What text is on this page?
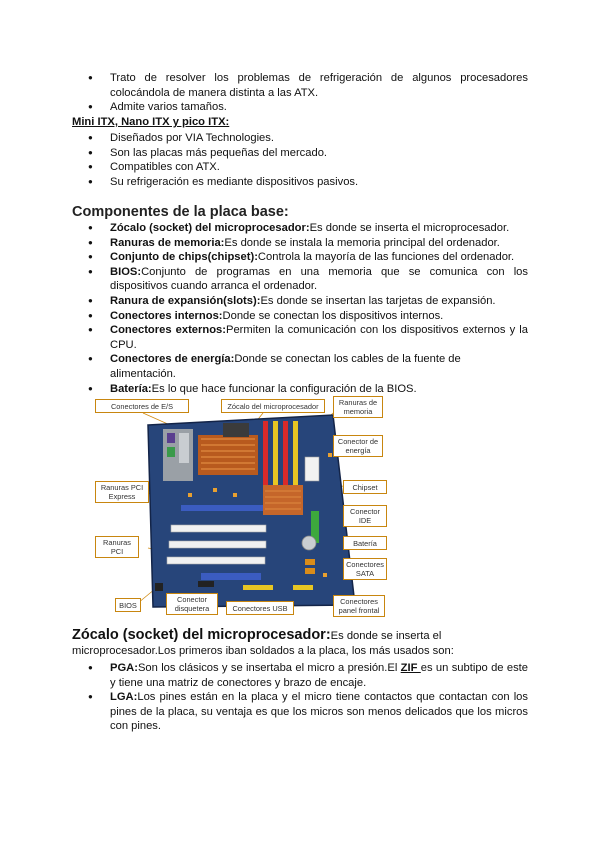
● Trato de resolver los problemas de refrigeración de algunos procesadores colocándola de manera distinta a las ATX.
● Admite varios tamaños.
Mini ITX, Nano ITX y pico ITX:
● Diseñados por VIA Technologies.
● Son las placas más pequeñas del mercado.
● Compatibles con ATX.
● Su refrigeración es mediante dispositivos pasivos.
Componentes de la placa base:
● Zócalo (socket) del microprocesador:Es donde se inserta el microprocesador.
● Ranuras de memoria:Es donde se instala la memoria principal del ordenador.
● Conjunto de chips(chipset):Controla la mayoría de las funciones del ordenador.
● BIOS:Conjunto de programas en una memoria que se comunica con los dispositivos cuando arranca el ordenador.
● Ranura de expansión(slots):Es donde se insertan las tarjetas de expansión.
● Conectores internos:Donde se conectan los dispositivos internos.
● Conectores externos:Permiten la comunicación con los dispositivos externos y la CPU.
● Conectores de energía:Donde se conectan los cables de la fuente de alimentación.
● Batería:Es lo que hace funcionar la configuración de la BIOS.
Conectores de E/S	Zócalo del microprocesador	Ranuras de memoria
Conector de energía
Ranuras PCI Express
Chipset
Conector IDE
Ranuras PCI
Batería
Conectores SATA
BIOS
Conector disquetera	Conectores USB
Conectores panel frontal
Zócalo (socket) del microprocesador:Es donde se inserta el microprocesador.Los primeros iban soldados a la placa, los más usados son:
● PGA:Son los clásicos y se insertaba el micro a presión.El ZIF es un subtipo de este y tiene una matriz de conectores y brazo de encaje.
● LGA:Los pines están en la placa y el micro tiene contactos que contactan con los pines de la placa, su ventaja es que los micros son menos delicados que los micros con pines.
